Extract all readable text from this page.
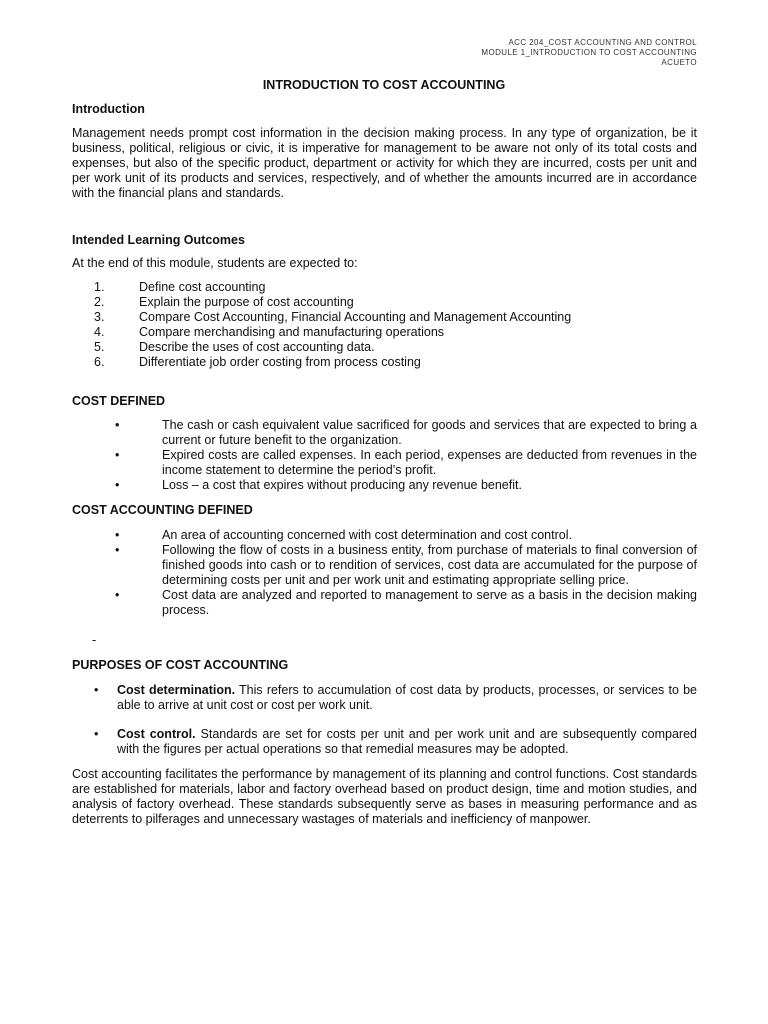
ACC 204_COST ACCOUNTING AND CONTROL
MODULE 1_INTRODUCTION TO COST ACCOUNTING
ACUETO
INTRODUCTION TO COST ACCOUNTING
Introduction
Management needs prompt cost information in the decision making process. In any type of organization, be it business, political, religious or civic, it is imperative for management to be aware not only of its total costs and expenses, but also of the specific product, department or activity for which they are incurred, costs per unit and per work unit of its products and services, respectively, and of whether the amounts incurred are in accordance with the financial plans and standards.
Intended Learning Outcomes
At the end of this module, students are expected to:
1.	Define cost accounting
2.	Explain the purpose of cost accounting
3.	Compare Cost Accounting, Financial Accounting and Management Accounting
4.	Compare merchandising and manufacturing operations
5.	Describe the uses of cost accounting data.
6.	Differentiate job order costing from process costing
COST DEFINED
•	The cash or cash equivalent value sacrificed for goods and services that are expected to bring a current or future benefit to the organization.
•	Expired costs are called expenses. In each period, expenses are deducted from revenues in the income statement to determine the period’s profit.
•	Loss – a cost that expires without producing any revenue benefit.
COST ACCOUNTING DEFINED
•	An area of accounting concerned with cost determination and cost control.
•	Following the flow of costs in a business entity, from purchase of materials to final conversion of finished goods into cash or to rendition of services, cost data are accumulated for the purpose of determining costs per unit and per work unit and estimating appropriate selling price.
•	Cost data are analyzed and reported to management to serve as a basis in the decision making process.
-
PURPOSES OF COST ACCOUNTING
•	Cost determination. This refers to accumulation of cost data by products, processes, or services to be able to arrive at unit cost or cost per work unit.
•	Cost control. Standards are set for costs per unit and per work unit and are subsequently compared with the figures per actual operations so that remedial measures may be adopted.
Cost accounting facilitates the performance by management of its planning and control functions. Cost standards are established for materials, labor and factory overhead based on product design, time and motion studies, and analysis of factory overhead. These standards subsequently serve as bases in measuring performance and as deterrents to pilferages and unnecessary wastages of materials and inefficiency of manpower.
